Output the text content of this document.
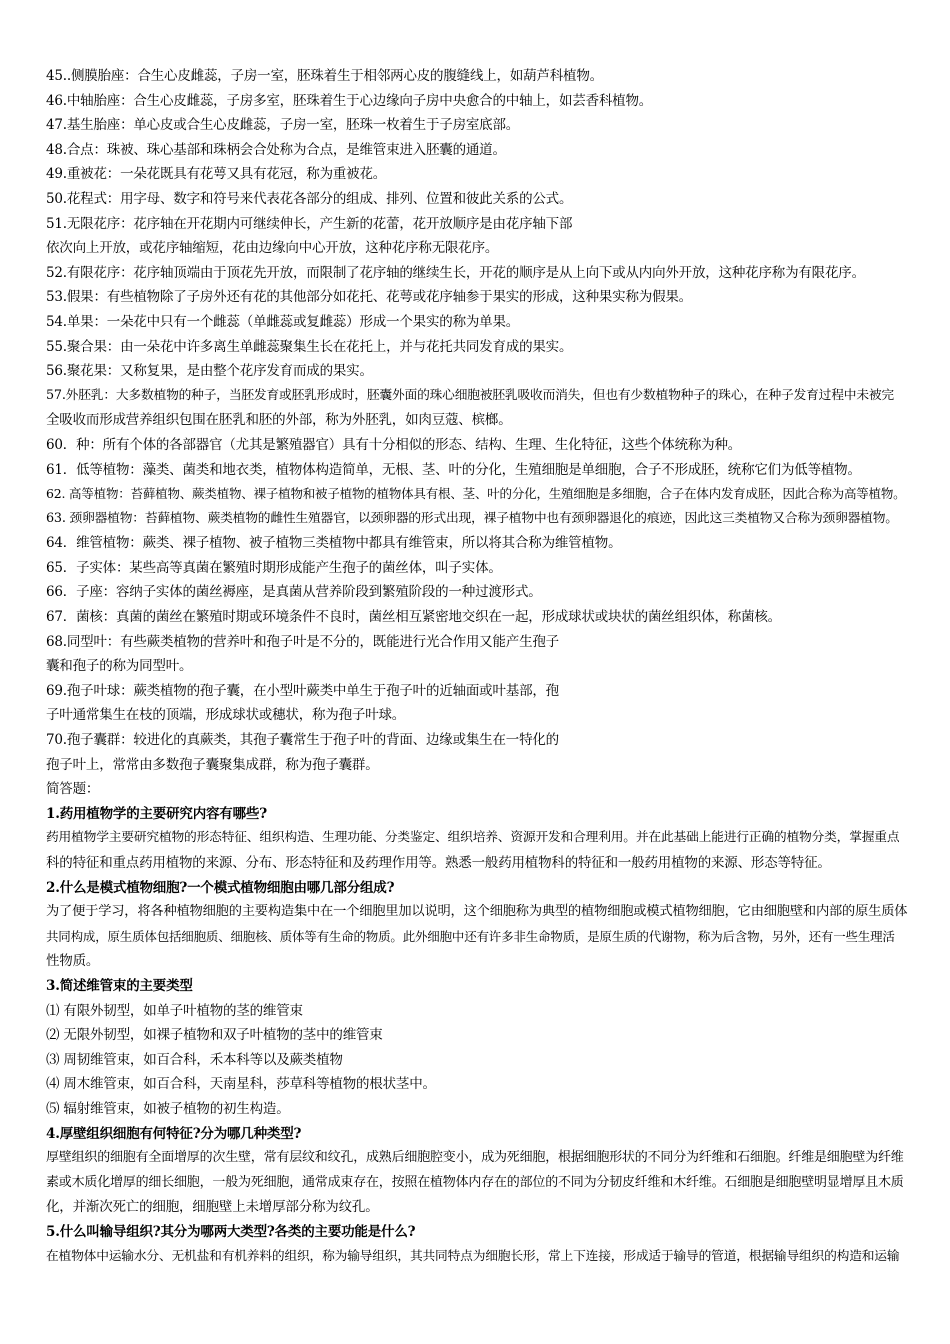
45..侧膜胎座：合生心皮雌蕊，子房一室，胚珠着生于相邻两心皮的腹缝线上，如葫芦科植物。
46.中轴胎座：合生心皮雌蕊，子房多室，胚珠着生于心边缘向子房中央愈合的中轴上，如芸香科植物。
47.基生胎座：单心皮或合生心皮雌蕊，子房一室，胚珠一枚着生于子房室底部。
48.合点：珠被、珠心基部和珠柄会合处称为合点，是维管束进入胚囊的通道。
49.重被花：一朵花既具有花萼又具有花冠，称为重被花。
50.花程式：用字母、数字和符号来代表花各部分的组成、排列、位置和彼此关系的公式。
51.无限花序：花序轴在开花期内可继续伸长，产生新的花蕾，花开放顺序是由花序轴下部
依次向上开放，或花序轴缩短，花由边缘向中心开放，这种花序称无限花序。
52.有限花序：花序轴顶端由于顶花先开放，而限制了花序轴的继续生长，开花的顺序是从上向下或从内向外开放，这种花序称为有限花序。
53.假果：有些植物除了子房外还有花的其他部分如花托、花萼或花序轴参于果实的形成，这种果实称为假果。
54.单果：一朵花中只有一个雌蕊（单雌蕊或复雌蕊）形成一个果实的称为单果。
55.聚合果：由一朵花中许多离生单雌蕊聚集生长在花托上，并与花托共同发育成的果实。
56.聚花果：又称复果，是由整个花序发育而成的果实。
57.外胚乳：大多数植物的种子，当胚发育或胚乳形成时，胚囊外面的珠心细胞被胚乳吸收而消失，但也有少数植物种子的珠心，在种子发育过程中未被完
全吸收而形成营养组织包围在胚乳和胚的外部，称为外胚乳，如肉豆蔻、槟榔。
60．种：所有个体的各部器官（尤其是繁殖器官）具有十分相似的形态、结构、生理、生化特征，这些个体统称为种。
61．低等植物：藻类、菌类和地衣类，植物体构造简单，无根、茎、叶的分化，生殖细胞是单细胞，合子不形成胚，统称它们为低等植物。
62. 高等植物：苔藓植物、蕨类植物、裸子植物和被子植物的植物体具有根、茎、叶的分化，生殖细胞是多细胞，合子在体内发育成胚，因此合称为高等植物。
63. 颈卵器植物：苔藓植物、蕨类植物的雌性生殖器官，以颈卵器的形式出现，裸子植物中也有颈卵器退化的痕迹，因此这三类植物又合称为颈卵器植物。
64．维管植物：蕨类、裸子植物、被子植物三类植物中都具有维管束，所以将其合称为维管植物。
65．子实体：某些高等真菌在繁殖时期形成能产生孢子的菌丝体，叫子实体。
66．子座：容纳子实体的菌丝褥座，是真菌从营养阶段到繁殖阶段的一种过渡形式。
67．菌核：真菌的菌丝在繁殖时期或环境条件不良时，菌丝相互紧密地交织在一起，形成球状或块状的菌丝组织体，称菌核。
68.同型叶：有些蕨类植物的营养叶和孢子叶是不分的，既能进行光合作用又能产生孢子
囊和孢子的称为同型叶。
69.孢子叶球：蕨类植物的孢子囊，在小型叶蕨类中单生于孢子叶的近轴面或叶基部，孢
子叶通常集生在枝的顶端，形成球状或穗状，称为孢子叶球。
70.孢子囊群：较进化的真蕨类，其孢子囊常生于孢子叶的背面、边缘或集生在一特化的
孢子叶上，常常由多数孢子囊聚集成群，称为孢子囊群。
简答题：
1.药用植物学的主要研究内容有哪些?
药用植物学主要研究植物的形态特征、组织构造、生理功能、分类鉴定、组织培养、资源开发和合理利用。并在此基础上能进行正确的植物分类，掌握重点
科的特征和重点药用植物的来源、分布、形态特征和及药理作用等。熟悉一般药用植物科的特征和一般药用植物的来源、形态等特征。
2.什么是模式植物细胞?一个模式植物细胞由哪几部分组成?
为了便于学习，将各种植物细胞的主要构造集中在一个细胞里加以说明，这个细胞称为典型的植物细胞或模式植物细胞，它由细胞壁和内部的原生质体
共同构成，原生质体包括细胞质、细胞核、质体等有生命的物质。此外细胞中还有许多非生命物质，是原生质的代谢物，称为后含物，另外，还有一些生理活
性物质。
3.简述维管束的主要类型
⑴ 有限外韧型，如单子叶植物的茎的维管束
⑵ 无限外韧型，如裸子植物和双子叶植物的茎中的维管束
⑶ 周韧维管束，如百合科，禾本科等以及蕨类植物
⑷ 周木维管束，如百合科，天南星科，莎草科等植物的根状茎中。
⑸ 辐射维管束，如被子植物的初生构造。
4.厚壁组织细胞有何特征?分为哪几种类型?
厚壁组织的细胞有全面增厚的次生壁，常有层纹和纹孔，成熟后细胞腔变小，成为死细胞，根据细胞形状的不同分为纤维和石细胞。纤维是细胞壁为纤维
素或木质化增厚的细长细胞，一般为死细胞，通常成束存在，按照在植物体内存在的部位的不同为分韧皮纤维和木纤维。石细胞是细胞壁明显增厚且木质
化，并渐次死亡的细胞，细胞壁上未增厚部分称为纹孔。
5.什么叫输导组织?其分为哪两大类型?各类的主要功能是什么?
在植物体中运输水分、无机盐和有机养料的组织，称为输导组织，其共同特点为细胞长形，常上下连接，形成适于输导的管道，根据输导组织的构造和运输
